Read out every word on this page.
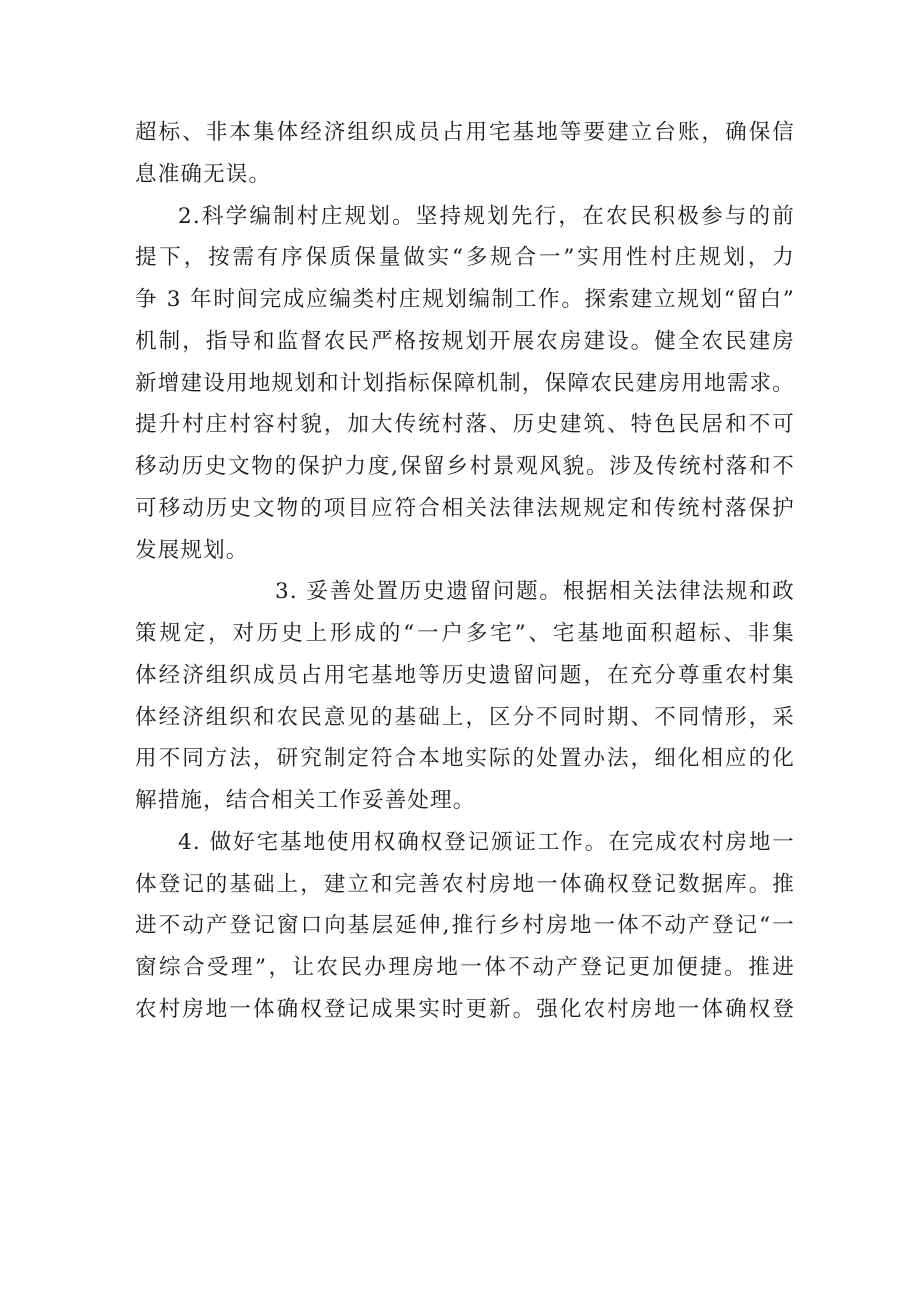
超标、非本集体经济组织成员占用宅基地等要建立台账，确保信
息准确无误。
2.科学编制村庄规划。坚持规划先行，在农民积极参与的前
提下，按需有序保质保量做实“多规合一”实用性村庄规划，力
争 3 年时间完成应编类村庄规划编制工作。探索建立规划“留白”
机制，指导和监督农民严格按规划开展农房建设。健全农民建房
新增建设用地规划和计划指标保障机制，保障农民建房用地需求。
提升村庄村容村貌，加大传统村落、历史建筑、特色民居和不可
移动历史文物的保护力度,保留乡村景观风貌。涉及传统村落和不
可移动历史文物的项目应符合相关法律法规规定和传统村落保护
发展规划。
3. 妥善处置历史遗留问题。根据相关法律法规和政
策规定，对历史上形成的“一户多宅”、宅基地面积超标、非集
体经济组织成员占用宅基地等历史遗留问题，在充分尊重农村集
体经济组织和农民意见的基础上，区分不同时期、不同情形，采
用不同方法，研究制定符合本地实际的处置办法，细化相应的化
解措施，结合相关工作妥善处理。
4. 做好宅基地使用权确权登记颁证工作。在完成农村房地一
体登记的基础上，建立和完善农村房地一体确权登记数据库。推
进不动产登记窗口向基层延伸,推行乡村房地一体不动产登记“一
窗综合受理”，让农民办理房地一体不动产登记更加便捷。推进
农村房地一体确权登记成果实时更新。强化农村房地一体确权登
